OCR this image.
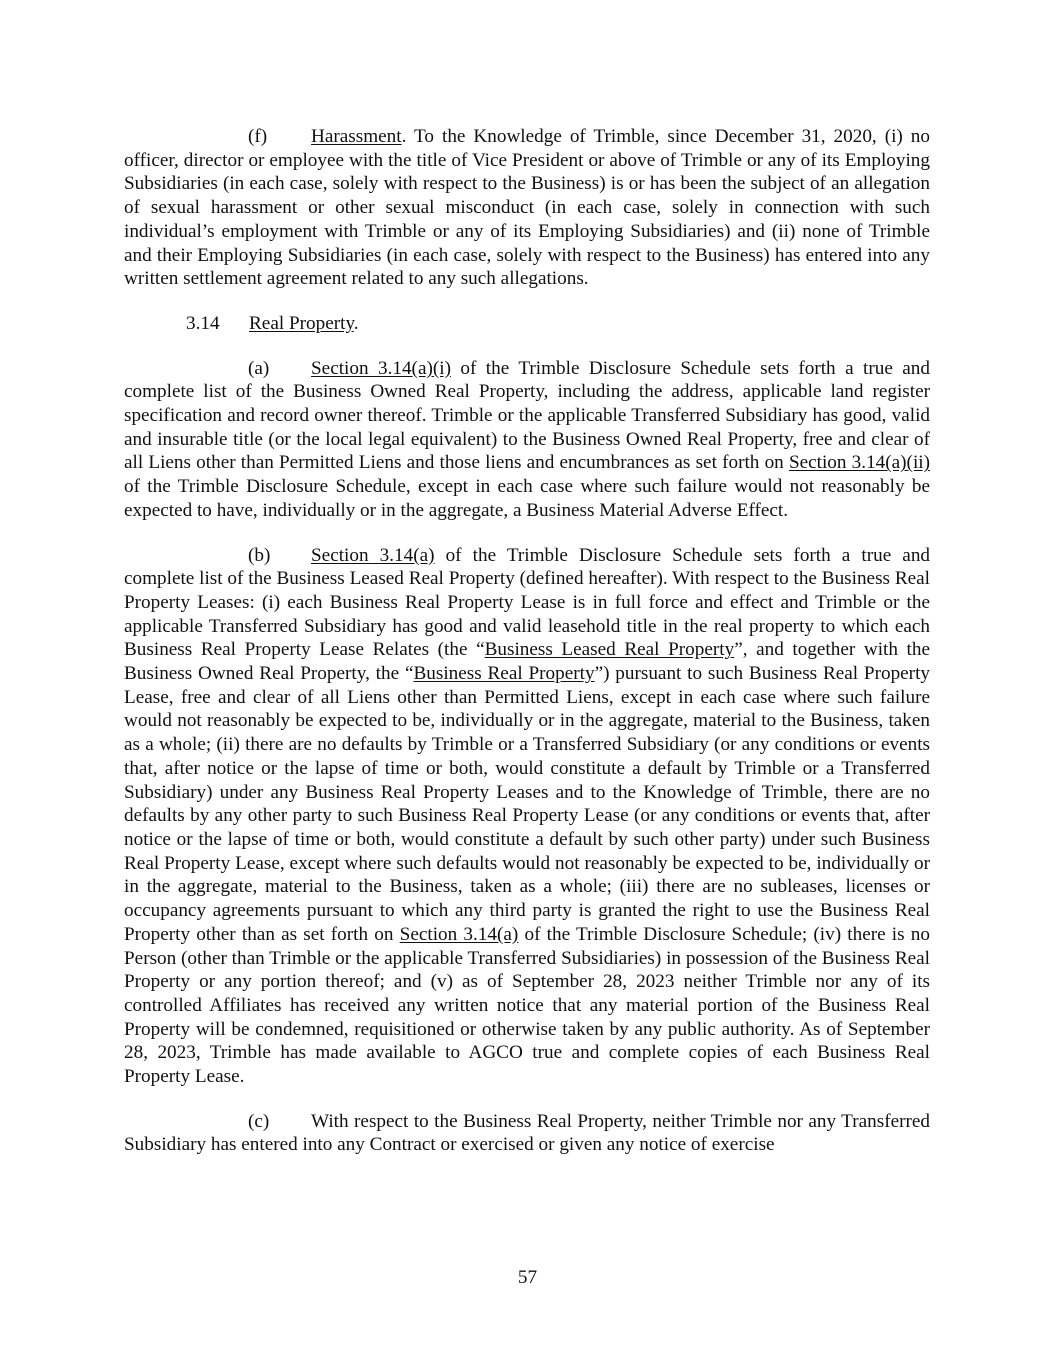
(f) Harassment. To the Knowledge of Trimble, since December 31, 2020, (i) no officer, director or employee with the title of Vice President or above of Trimble or any of its Employing Subsidiaries (in each case, solely with respect to the Business) is or has been the subject of an allegation of sexual harassment or other sexual misconduct (in each case, solely in connection with such individual’s employment with Trimble or any of its Employing Subsidiaries) and (ii) none of Trimble and their Employing Subsidiaries (in each case, solely with respect to the Business) has entered into any written settlement agreement related to any such allegations.

3.14 Real Property.

(a) Section 3.14(a)(i) of the Trimble Disclosure Schedule sets forth a true and complete list of the Business Owned Real Property, including the address, applicable land register specification and record owner thereof. Trimble or the applicable Transferred Subsidiary has good, valid and insurable title (or the local legal equivalent) to the Business Owned Real Property, free and clear of all Liens other than Permitted Liens and those liens and encumbrances as set forth on Section 3.14(a)(ii) of the Trimble Disclosure Schedule, except in each case where such failure would not reasonably be expected to have, individually or in the aggregate, a Business Material Adverse Effect.

(b) Section 3.14(a) of the Trimble Disclosure Schedule sets forth a true and complete list of the Business Leased Real Property (defined hereafter). With respect to the Business Real Property Leases: (i) each Business Real Property Lease is in full force and effect and Trimble or the applicable Transferred Subsidiary has good and valid leasehold title in the real property to which each Business Real Property Lease Relates (the “Business Leased Real Property”, and together with the Business Owned Real Property, the “Business Real Property”) pursuant to such Business Real Property Lease, free and clear of all Liens other than Permitted Liens, except in each case where such failure would not reasonably be expected to be, individually or in the aggregate, material to the Business, taken as a whole; (ii) there are no defaults by Trimble or a Transferred Subsidiary (or any conditions or events that, after notice or the lapse of time or both, would constitute a default by Trimble or a Transferred Subsidiary) under any Business Real Property Leases and to the Knowledge of Trimble, there are no defaults by any other party to such Business Real Property Lease (or any conditions or events that, after notice or the lapse of time or both, would constitute a default by such other party) under such Business Real Property Lease, except where such defaults would not reasonably be expected to be, individually or in the aggregate, material to the Business, taken as a whole; (iii) there are no subleases, licenses or occupancy agreements pursuant to which any third party is granted the right to use the Business Real Property other than as set forth on Section 3.14(a) of the Trimble Disclosure Schedule; (iv) there is no Person (other than Trimble or the applicable Transferred Subsidiaries) in possession of the Business Real Property or any portion thereof; and (v) as of September 28, 2023 neither Trimble nor any of its controlled Affiliates has received any written notice that any material portion of the Business Real Property will be condemned, requisitioned or otherwise taken by any public authority. As of September 28, 2023, Trimble has made available to AGCO true and complete copies of each Business Real Property Lease.

(c) With respect to the Business Real Property, neither Trimble nor any Transferred Subsidiary has entered into any Contract or exercised or given any notice of exercise

57
